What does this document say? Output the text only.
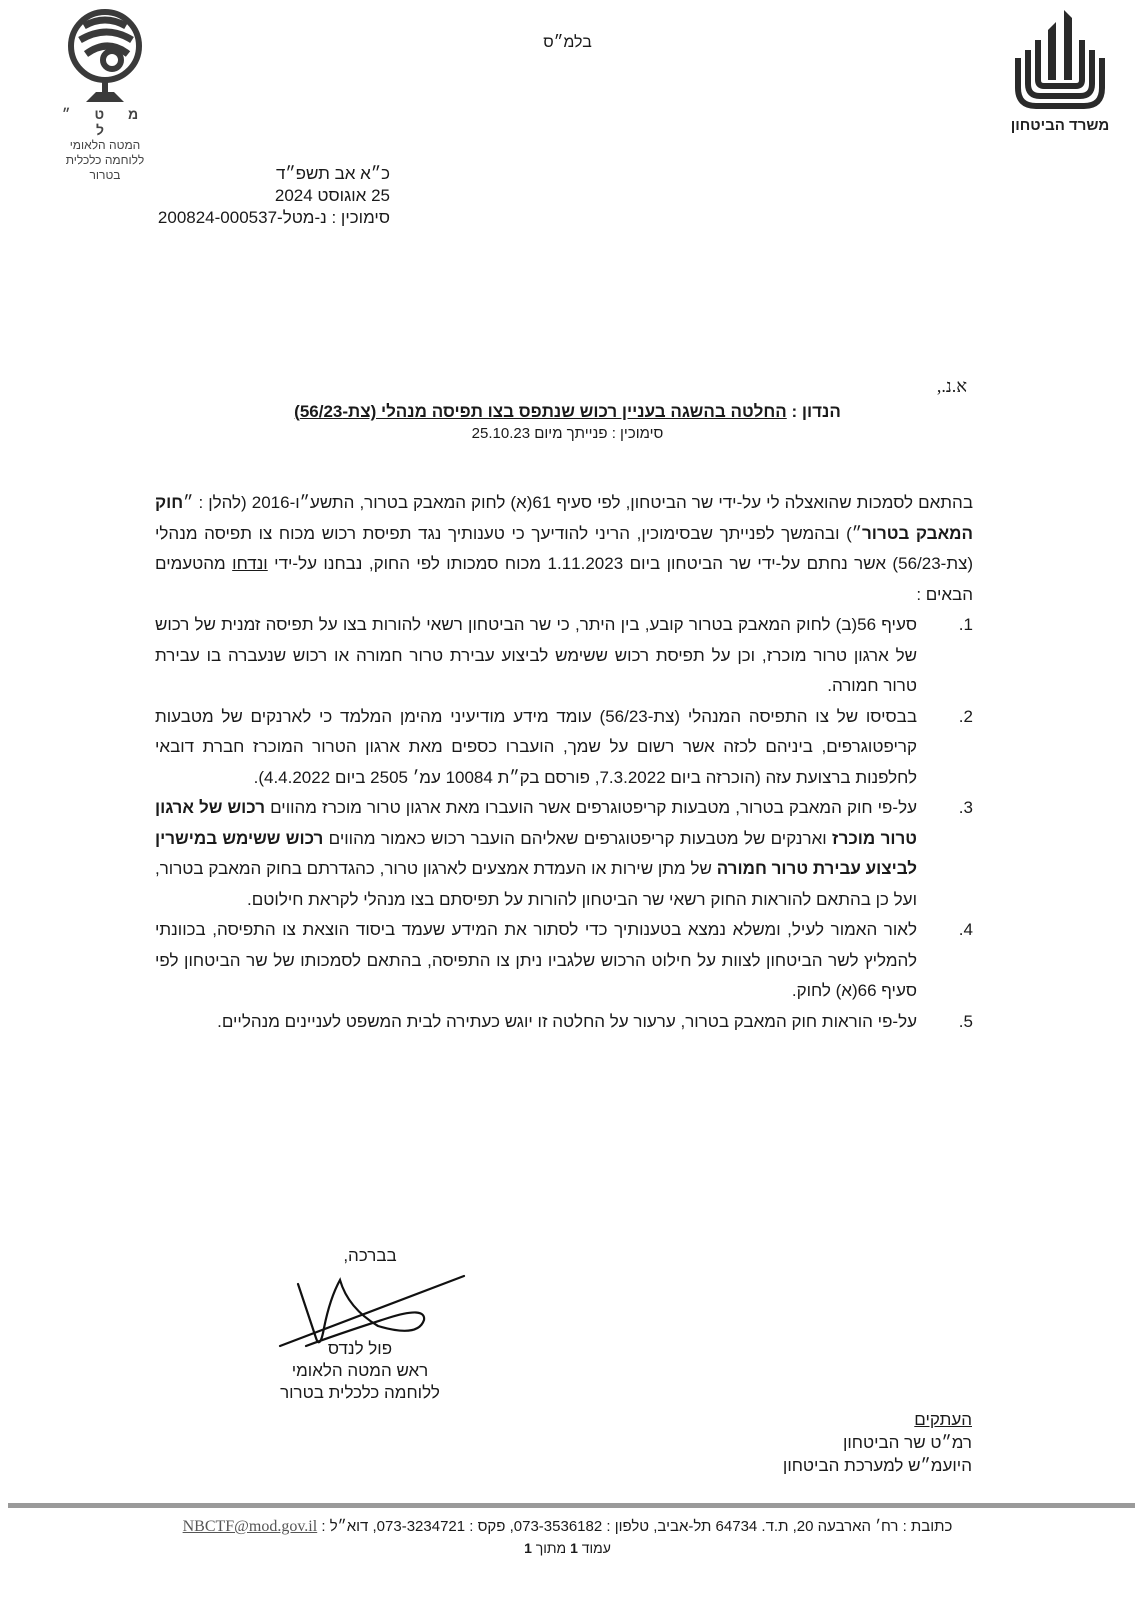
בלמ״ס
מ ט ״ ל
המטה הלאומי
ללוחמה כלכלית בטרור
משרד הביטחון
כ״א אב תשפ״ד
25 אוגוסט 2024
סימוכין : נ-מטל-200824-000537
א.נ.,
הנדון : החלטה בהשגה בעניין רכוש שנתפס בצו תפיסה מנהלי (צת-56/23)
סימוכין : פנייתך מיום 25.10.23

בהתאם לסמכות שהואצלה לי על-ידי שר הביטחון, לפי סעיף 61(א) לחוק המאבק בטרור, התשע״ו-2016 (להלן : ״חוק המאבק בטרור״) ובהמשך לפנייתך שבסימוכין, הריני להודיעך כי טענותיך נגד תפיסת רכוש מכוח צו תפיסה מנהלי (צת-56/23) אשר נחתם על-ידי שר הביטחון ביום 1.11.2023 מכוח סמכותו לפי החוק, נבחנו על-ידי ונדחו מהטעמים הבאים :

1.
סעיף 56(ב) לחוק המאבק בטרור קובע, בין היתר, כי שר הביטחון רשאי להורות בצו על תפיסה זמנית של רכוש של ארגון טרור מוכרז, וכן על תפיסת רכוש ששימש לביצוע עבירת טרור חמורה או רכוש שנעברה בו עבירת טרור חמורה.
2.
בבסיסו של צו התפיסה המנהלי (צת-56/23) עומד מידע מודיעיני מהימן המלמד כי לארנקים של מטבעות קריפטוגרפים, ביניהם לכזה אשר רשום על שמך, הועברו כספים מאת ארגון הטרור המוכרז חברת דובאי לחלפנות ברצועת עזה (הוכרזה ביום 7.3.2022, פורסם בק״ת 10084 עמ׳ 2505 ביום 4.4.2022).
3.
על-פי חוק המאבק בטרור, מטבעות קריפטוגרפים אשר הועברו מאת ארגון טרור מוכרז מהווים רכוש של ארגון טרור מוכרז וארנקים של מטבעות קריפטוגרפים שאליהם הועבר רכוש כאמור מהווים רכוש ששימש במישרין לביצוע עבירת טרור חמורה של מתן שירות או העמדת אמצעים לארגון טרור, כהגדרתם בחוק המאבק בטרור, ועל כן בהתאם להוראות החוק רשאי שר הביטחון להורות על תפיסתם בצו מנהלי לקראת חילוטם.
4.
לאור האמור לעיל, ומשלא נמצא בטענותיך כדי לסתור את המידע שעמד ביסוד הוצאת צו התפיסה, בכוונתי להמליץ לשר הביטחון לצוות על חילוט הרכוש שלגביו ניתן צו התפיסה, בהתאם לסמכותו של שר הביטחון לפי סעיף 66(א) לחוק.
5.
על-פי הוראות חוק המאבק בטרור, ערעור על החלטה זו יוגש כעתירה לבית המשפט לעניינים מנהליים.
בברכה,
פול לנדס
ראש המטה הלאומי
ללוחמה כלכלית בטרור
העתקים
רמ״ט שר הביטחון
היועמ״ש למערכת הביטחון
כתובת : רח׳ הארבעה 20, ת.ד. 64734 תל-אביב, טלפון : 073-3536182, פקס : 073-3234721, דוא״ל : NBCTF@mod.gov.il
עמוד 1 מתוך 1
